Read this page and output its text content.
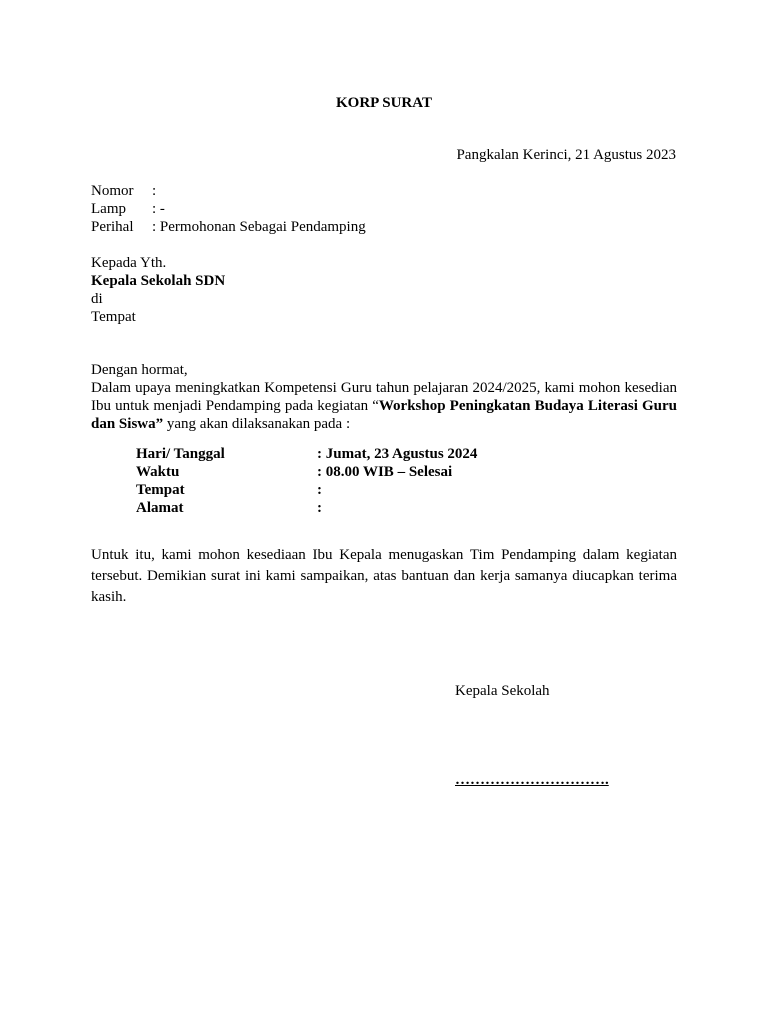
KORP SURAT
Pangkalan Kerinci, 21 Agustus 2023
Nomor :
Lamp : -
Perihal : Permohonan Sebagai Pendamping
Kepada Yth.
Kepala Sekolah SDN
di
Tempat
Dengan hormat,
Dalam upaya meningkatkan Kompetensi Guru tahun pelajaran 2024/2025, kami mohon kesedian Ibu untuk menjadi Pendamping pada kegiatan “Workshop Peningkatan Budaya Literasi Guru dan Siswa” yang akan dilaksanakan pada :
Hari/ Tanggal	: Jumat, 23 Agustus 2024
Waktu	: 08.00 WIB – Selesai
Tempat	:
Alamat	:
Untuk itu, kami mohon kesediaan Ibu Kepala menugaskan Tim Pendamping dalam kegiatan tersebut. Demikian surat ini kami sampaikan, atas bantuan dan kerja samanya diucapkan terima kasih.
Kepala Sekolah
………………………….
